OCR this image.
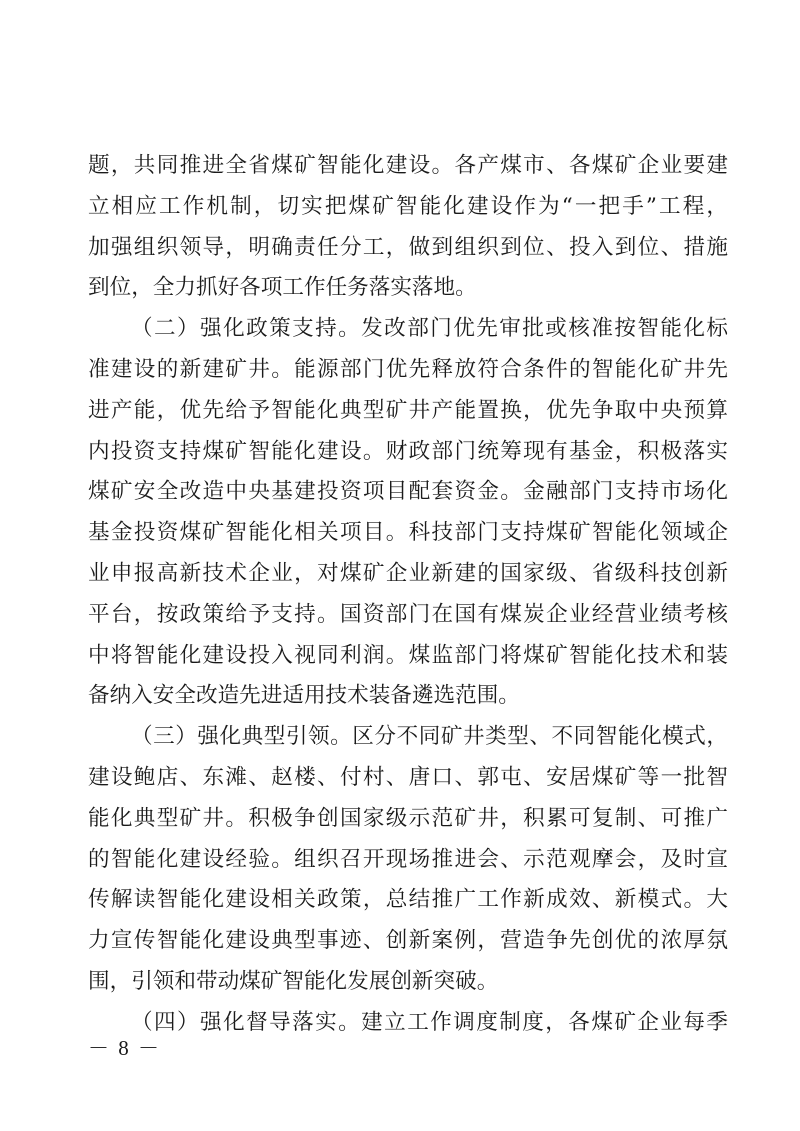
题，共同推进全省煤矿智能化建设。各产煤市、各煤矿企业要建
立相应工作机制，切实把煤矿智能化建设作为“一把手”工程，
加强组织领导，明确责任分工，做到组织到位、投入到位、措施
到位，全力抓好各项工作任务落实落地。

（二）强化政策支持。发改部门优先审批或核准按智能化标

准建设的新建矿井。能源部门优先释放符合条件的智能化矿井先
进产能，优先给予智能化典型矿井产能置换，优先争取中央预算
内投资支持煤矿智能化建设。财政部门统筹现有基金，积极落实
煤矿安全改造中央基建投资项目配套资金。金融部门支持市场化
基金投资煤矿智能化相关项目。科技部门支持煤矿智能化领域企
业申报高新技术企业，对煤矿企业新建的国家级、省级科技创新
平台，按政策给予支持。国资部门在国有煤炭企业经营业绩考核
中将智能化建设投入视同利润。煤监部门将煤矿智能化技术和装
备纳入安全改造先进适用技术装备遴选范围。

（三）强化典型引领。区分不同矿井类型、不同智能化模式，

建设鲍店、东滩、赵楼、付村、唐口、郭屯、安居煤矿等一批智
能化典型矿井。积极争创国家级示范矿井，积累可复制、可推广
的智能化建设经验。组织召开现场推进会、示范观摩会，及时宣
传解读智能化建设相关政策，总结推广工作新成效、新模式。大
力宣传智能化建设典型事迹、创新案例，营造争先创优的浓厚氛
围，引领和带动煤矿智能化发展创新突破。

（四）强化督导落实。建立工作调度制度，各煤矿企业每季

－ 8 －
